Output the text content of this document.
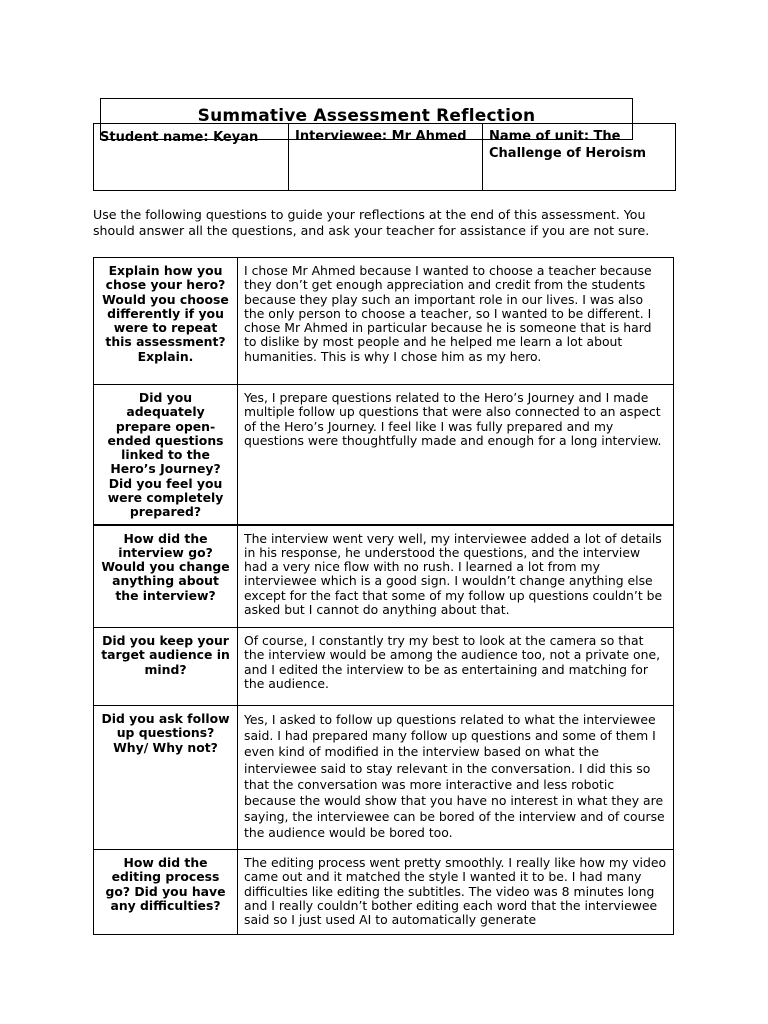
Summative Assessment Reflection
Student name: Keyan	Interviewee: Mr Ahmed	Name of unit: The Challenge of Heroism
Use the following questions to guide your reflections at the end of this assessment. You should answer all the questions, and ask your teacher for assistance if you are not sure.
Explain how you chose your hero? Would you choose differently if you were to repeat this assessment? Explain.	I chose Mr Ahmed because I wanted to choose a teacher because they don’t get enough appreciation and credit from the students because they play such an important role in our lives. I was also the only person to choose a teacher, so I wanted to be different. I chose Mr Ahmed in particular because he is someone that is hard to dislike by most people and he helped me learn a lot about humanities. This is why I chose him as my hero.
Did you adequately prepare open-ended questions linked to the Hero’s Journey? Did you feel you were completely prepared?	Yes, I prepare questions related to the Hero’s Journey and I made multiple follow up questions that were also connected to an aspect of the Hero’s Journey. I feel like I was fully prepared and my questions were thoughtfully made and enough for a long interview.
How did the interview go? Would you change anything about the interview?	The interview went very well, my interviewee added a lot of details in his response, he understood the questions, and the interview had a very nice flow with no rush. I learned a lot from my interviewee which is a good sign. I wouldn’t change anything else except for the fact that some of my follow up questions couldn’t be asked but I cannot do anything about that.
Did you keep your target audience in mind?	Of course, I constantly try my best to look at the camera so that the interview would be among the audience too, not a private one, and I edited the interview to be as entertaining and matching for the audience.
Did you ask follow up questions? Why/ Why not?	Yes, I asked to follow up questions related to what the interviewee said. I had prepared many follow up questions and some of them I even kind of modified in the interview based on what the interviewee said to stay relevant in the conversation. I did this so that the conversation was more interactive and less robotic because the would show that you have no interest in what they are saying, the interviewee can be bored of the interview and of course the audience would be bored too.
How did the editing process go? Did you have any difficulties?	The editing process went pretty smoothly. I really like how my video came out and it matched the style I wanted it to be. I had many difficulties like editing the subtitles. The video was 8 minutes long and I really couldn’t bother editing each word that the interviewee said so I just used AI to automatically generate
